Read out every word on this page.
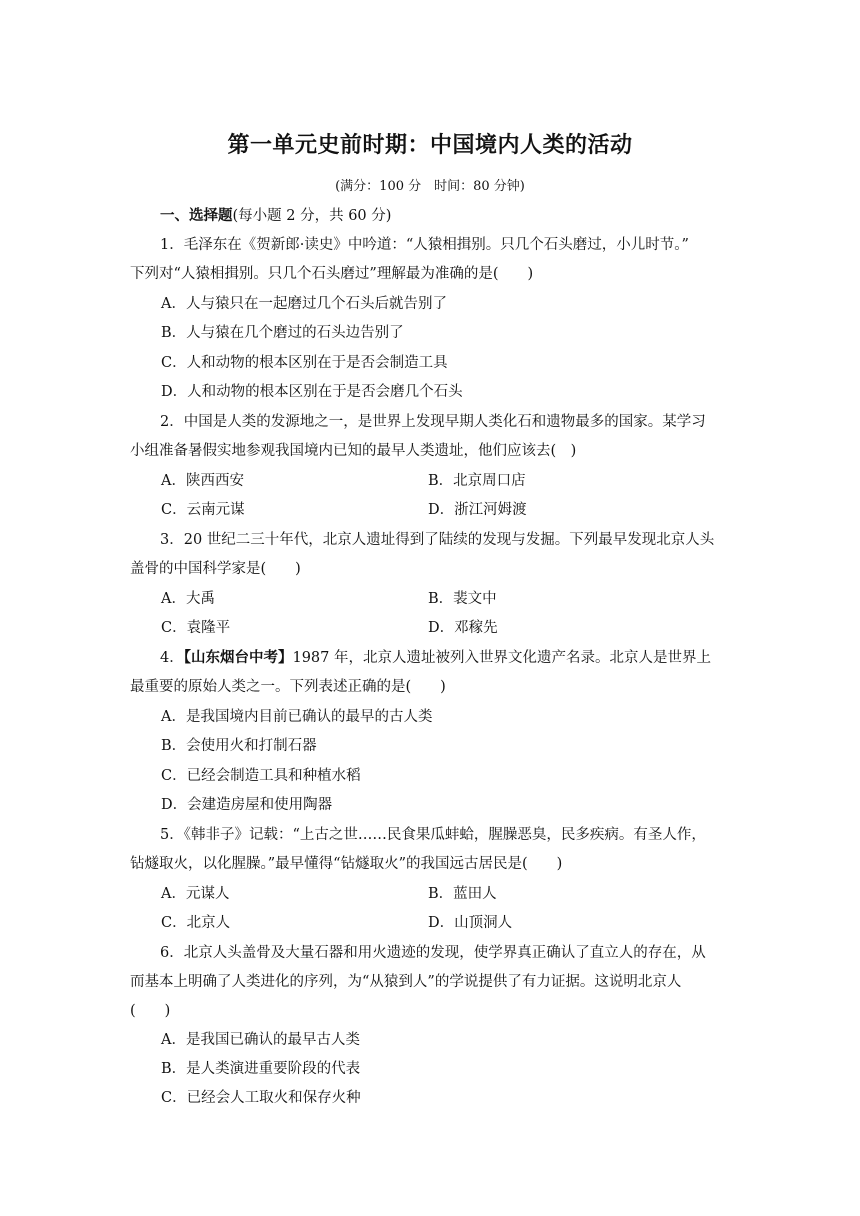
第一单元史前时期：中国境内人类的活动
(满分：100 分　时间：80 分钟)
一、选择题(每小题 2 分，共 60 分)
1．毛泽东在《贺新郎·读史》中吟道：“人猿相揖别。只几个石头磨过，小儿时节。”
下列对“人猿相揖别。只几个石头磨过”理解最为准确的是(　　)
A．人与猿只在一起磨过几个石头后就告别了
B．人与猿在几个磨过的石头边告别了
C．人和动物的根本区别在于是否会制造工具
D．人和动物的根本区别在于是否会磨几个石头
2．中国是人类的发源地之一，是世界上发现早期人类化石和遗物最多的国家。某学习
小组准备暑假实地参观我国境内已知的最早人类遗址，他们应该去(　)
A．陕西西安	B．北京周口店
C．云南元谋	D．浙江河姆渡
3．20 世纪二三十年代，北京人遗址得到了陆续的发现与发掘。下列最早发现北京人头
盖骨的中国科学家是(　　)
A．大禹	B．裴文中
C．袁隆平	D．邓稼先
4．【山东烟台中考】1987 年，北京人遗址被列入世界文化遗产名录。北京人是世界上
最重要的原始人类之一。下列表述正确的是(　　)
A．是我国境内目前已确认的最早的古人类
B．会使用火和打制石器
C．已经会制造工具和种植水稻
D．会建造房屋和使用陶器
5．《韩非子》记载：“上古之世……民食果瓜蚌蛤，腥臊恶臭，民多疾病。有圣人作，
钻燧取火，以化腥臊。”最早懂得“钻燧取火”的我国远古居民是(　　)
A．元谋人	B．蓝田人
C．北京人	D．山顶洞人
6．北京人头盖骨及大量石器和用火遗迹的发现，使学界真正确认了直立人的存在，从
而基本上明确了人类进化的序列，为“从猿到人”的学说提供了有力证据。这说明北京人
(　　)
A．是我国已确认的最早古人类
B．是人类演进重要阶段的代表
C．已经会人工取火和保存火种
